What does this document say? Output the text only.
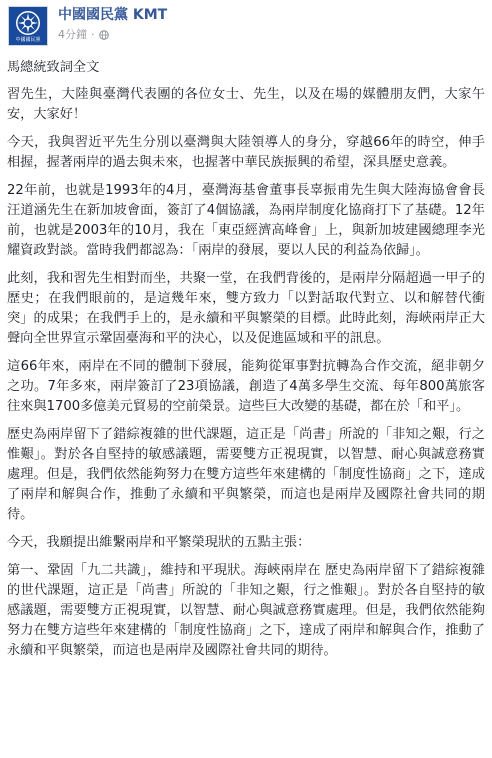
中國國民黨
中國國民黨 KMT
4分鐘 ·

馬總統致詞全文

習先生，大陸與臺灣代表團的各位女士、先生，以及在場的媒體朋友們，大家午安，大家好！

今天，我與習近平先生分別以臺灣與大陸領導人的身分，穿越66年的時空，伸手相握，握著兩岸的過去與未來，也握著中華民族振興的希望，深具歷史意義。

22年前，也就是1993年的4月，臺灣海基會董事長辜振甫先生與大陸海協會會長汪道涵先生在新加坡會面，簽訂了4個協議，為兩岸制度化協商打下了基礎。12年前，也就是2003年的10月，我在「東亞經濟高峰會」上，與新加坡建國總理李光耀資政對談。當時我們都認為：「兩岸的發展，要以人民的利益為依歸」。

此刻，我和習先生相對而坐，共聚一堂，在我們背後的，是兩岸分隔超過一甲子的歷史；在我們眼前的，是這幾年來，雙方致力「以對話取代對立、以和解替代衝突」的成果；在我們手上的，是永續和平與繁榮的目標。此時此刻，海峽兩岸正大聲向全世界宣示鞏固臺海和平的決心，以及促進區域和平的訊息。

這66年來，兩岸在不同的體制下發展，能夠從軍事對抗轉為合作交流，絕非朝夕之功。7年多來，兩岸簽訂了23項協議，創造了4萬多學生交流、每年800萬旅客往來與1700多億美元貿易的空前榮景。這些巨大改變的基礎，都在於「和平」。

歷史為兩岸留下了錯綜複雜的世代課題，這正是「尚書」所說的「非知之艱，行之惟艱」。對於各自堅持的敏感議題，需要雙方正視現實，以智慧、耐心與誠意務實處理。但是，我們依然能夠努力在雙方這些年來建構的「制度性協商」之下，達成了兩岸和解與合作，推動了永續和平與繁榮，而這也是兩岸及國際社會共同的期待。

今天，我願提出維繫兩岸和平繁榮現狀的五點主張：

第一、鞏固「九二共識」，維持和平現狀。海峽兩岸在 歷史為兩岸留下了錯綜複雜的世代課題，這正是「尚書」所說的「非知之艱，行之惟艱」。對於各自堅持的敏感議題，需要雙方正視現實，以智慧、耐心與誠意務實處理。但是，我們依然能夠努力在雙方這些年來建構的「制度性協商」之下，達成了兩岸和解與合作，推動了永續和平與繁榮，而這也是兩岸及國際社會共同的期待。
